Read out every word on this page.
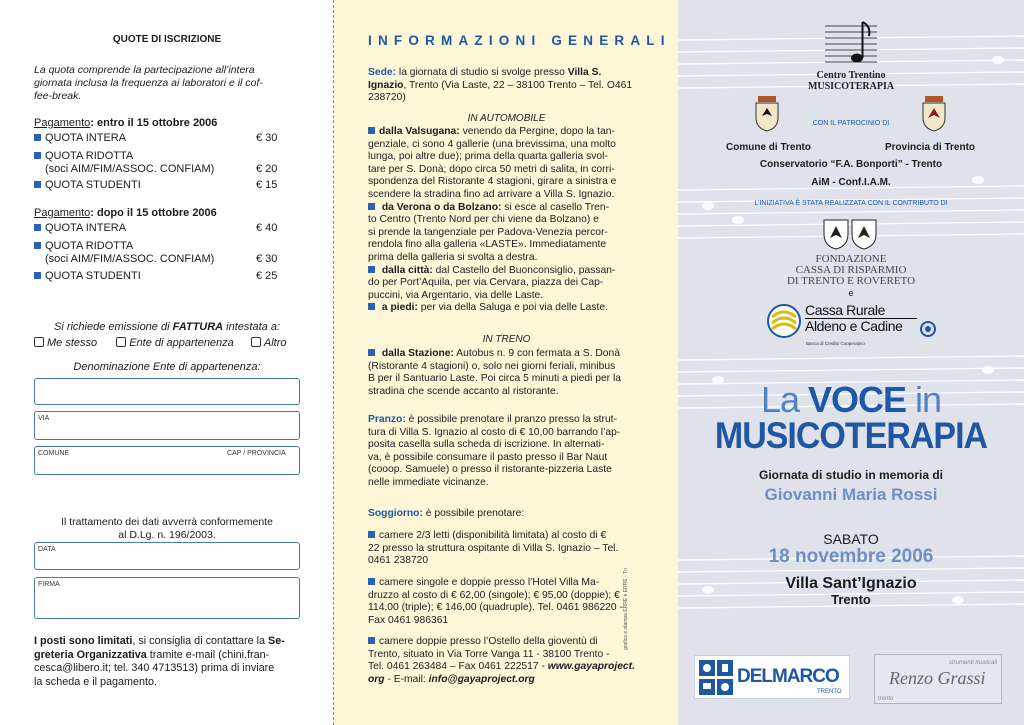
QUOTE DI ISCRIZIONE
La quota comprende la partecipazione all’intera
giornata inclusa la frequenza ai laboratori e il cof-
fee-break.
Pagamento: entro il 15 ottobre 2006
QUOTA INTERA	€ 30
QUOTA RIDOTTA
(soci AIM/FIM/ASSOC. CONFIAM)	€ 20
QUOTA STUDENTI	€ 15
Pagamento: dopo il 15 ottobre 2006
QUOTA INTERA	€ 40
QUOTA RIDOTTA
(soci AIM/FIM/ASSOC. CONFIAM)	€ 30
QUOTA STUDENTI	€ 25
Si richiede emissione di FATTURA intestata a:
Me stesso	Ente di appartenenza	Altro
Denominazione Ente di appartenenza:
VIA
COMUNE	CAP / PROVINCIA
Il trattamento dei dati avverrà conformemente
al D.Lg. n. 196/2003.
DATA
FIRMA
I posti sono limitati, si consiglia di contattare la Se-
greteria Organizzativa tramite e-mail (chini.fran-
cesca@libero.it; tel. 340 4713513) prima di inviare
la scheda e il pagamento.
INFORMAZIONI GENERALI
Sede: la giornata di studio si svolge presso Villa S.
Ignazio, Trento (Via Laste, 22 – 38100 Trento – Tel. O461
238720)
IN AUTOMOBILE
dalla Valsugana: venendo da Pergine, dopo la tan-
genziale, ci sono 4 gallerie (una brevissima, una molto
lunga, poi altre due); prima della quarta galleria svol-
tare per S. Donà; dopo circa 50 metri di salita, in corri-
spondenza del Ristorante 4 stagioni, girare a sinistra e
scendere la stradina fino ad arrivare a Villa S. Ignazio.
da Verona o da Bolzano: si esce al casello Tren-
to Centro (Trento Nord per chi viene da Bolzano) e
si prende la tangenziale per Padova-Venezia percor-
rendola fino alla galleria «LASTE». Immediatamente
prima della galleria si svolta a destra.
dalla città: dal Castello del Buonconsiglio, passan-
do per Port’Aquila, per via Cervara, piazza dei Cap-
puccini, via Argentario, via delle Laste.
a piedi: per via della Saluga e poi via delle Laste.
IN TRENO
dalla Stazione: Autobus n. 9 con fermata a S. Donà
(Ristorante 4 stagioni) o, solo nei giorni feriali, minibus
B per il Santuario Laste. Poi circa 5 minuti a piedi per la
stradina che scende accanto al ristorante.
Pranzo: è possibile prenotare il pranzo presso la strut-
tura di Villa S. Ignazio al costo di € 10,00 barrando l’ap-
posita casella sulla scheda di iscrizione. In alternati-
va, è possibile consumare il pasto presso il Bar Naut
(cooop. Samuele) o presso il ristorante-pizzeria Laste
nelle immediate vicinanze.
Soggiorno: è possibile prenotare:
camere 2/3 letti (disponibilità limitata) al costo di €
22 presso la struttura ospitante di Villa S. Ignazio – Tel.
0461 238720
camere singole e doppie presso l’Hotel Villa Ma-
druzzo al costo di € 62,00 (singole); € 95,00 (doppie); €
114,00 (triple); € 146,00 (quadruple). Tel. 0461 986220 -
Fax 0461 986361
camere doppie presso l’Ostello della gioventù di
Trento, situato in Via Torre Vanga 11 - 38100 Trento -
Tel. 0461 263484 – Fax 0461 222517 - www.gayaproject.
org - E-mail: info@gayaproject.org
grafica e stampa ERRE e ERRE - Tn
Centro Trentino
MUSICOTERAPIA
CON IL PATROCINIO DI
Comune di Trento	Provincia di Trento
Conservatorio “F.A. Bonporti” - Trento
AiM - Conf.I.A.M.
L’INIZIATIVA È STATA REALIZZATA CON IL CONTRIBUTO DI
FONDAZIONE
CASSA DI RISPARMIO
DI TRENTO E ROVERETO
e
Cassa Rurale
Aldeno e Cadine
Banca di Credito Cooperativo
La VOCE in
MUSICOTERAPIA
Giornata di studio in memoria di
Giovanni Maria Rossi
SABATO
18 novembre 2006
Villa Sant’Ignazio
Trento
DELMARCO
TRENTO
strumenti musicali
Renzo Grassi
trento
